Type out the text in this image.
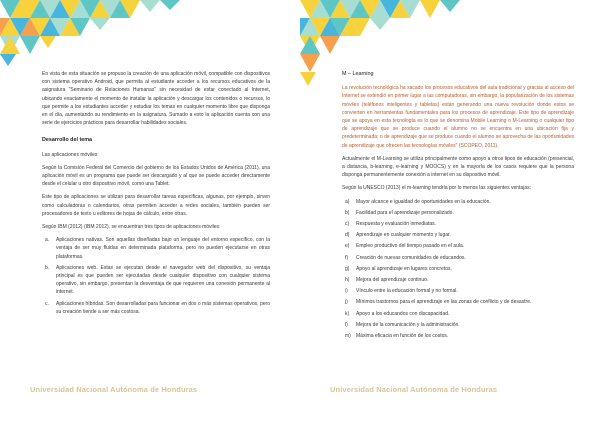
En vista de esta situación se propuso la creación de una aplicación móvil, compatible con dispositivos con sistema operativo Android, que permita al estudiante acceder a los recursos educativos de la asignatura "Seminario de Relaciones Humanas" sin necesidad de estar conectado al Internet, ubicando exactamente el momento de instalar la aplicación y descargar los contenidos o recursos, lo que permite a los estudiantes acceder y estudiar los temas en cualquier momento libre que disponga en el día, aumentando su rendimiento en la asignatura. Sumado a esto la aplicación cuenta con una serie de ejercicios prácticos para desarrollar habilidades sociales.

Desarrollo del tema

Las aplicaciones móviles:

Según la Comisión Federal del Comercio del gobierno de los Estados Unidos de América (2011), una aplicación móvil es un programa que puede ser descargado y al que se puede acceder directamente desde el celular u otro dispositivo móvil, como una Tablet.

Este tipo de aplicaciones se utilizan para desarrollar tareas específicas, algunas, por ejemplo, sirven como calculadoras o calendarios, otras permiten acceder a redes sociales, también pueden ser procesadores de texto u editores de hojas de cálculo, entre otras.

Según IBM (2012) (IBM 2012), se encuentran tres tipos de aplicaciones móviles:

a. Aplicaciones nativas. Son aquellas diseñadas bajo un lenguaje del entorno específico, con la ventaja de ser muy fluidas en determinada plataforma, pero no pueden ejecutarse en otras plataformas.
b. Aplicaciones web. Estas se ejecutan desde el navegador web del dispositivo, su ventaja principal es que pueden ser ejecutadas desde cualquier dispositivo con cualquier sistema operativo, sin embargo, presentan la desventaja de que requieren una conexión permanente al internet.
c. Aplicaciones híbridas. Son desarrolladas para funcionar en dos o más sistemas operativos, pero su creación tiende a ser más costosa.
Universidad Nacional Autónoma de Honduras

M – Learning

La revolución tecnológica ha sacado los procesos educativos del aula tradicional y gracias al acceso del Internet se extendió en primer lugar a las computadoras, sin embargo, la popularización de los sistemas móviles (teléfonos inteligentes y tabletas) están generando una nueva revolución donde estos se convierten en herramientas fundamentales para los procesos de aprendizaje. Este tipo de aprendizaje que se apoya en esta tecnología es lo que se denomina Mobile Learning o M-Learning o cualquier tipo de aprendizaje que se produce cuando el alumno no se encuentra en una ubicación fija y predeterminada; o de aprendizaje que se produce cuando el alumno se aprovecha de las oportunidades de aprendizaje que ofrecen las tecnologías móviles" (SCOPEO, 2011).

Actualmente el M-Learning se utiliza principalmente como apoyo a otros tipos de educación (presencial, a distancia, b-learning, e-learning y MOOCS) y en la mayoría de los casos requiere que la persona disponga permanentemente conexión a internet en su dispositivo móvil.

Según la UNESCO (2013) el m-learning tendría por lo menos las siguientes ventajas:

a) Mayor alcance e igualdad de oportunidades en la educación.
b) Facilidad para el aprendizaje personalizado.
c) Respuesta y evaluación inmediatas.
d) Aprendizaje en cualquier momento y lugar.
e) Empleo productivo del tiempo pasado en el aula.
f) Creación de nuevas comunidades de educandos.
g) Apoyo al aprendizaje en lugares concretos.
h) Mejora del aprendizaje continuo.
i) Vínculo entre la educación formal y no formal.
j) Mínimos trastornos para el aprendizaje en las zonas de conflicto y de desastre.
k) Apoyo a los educandos con discapacidad.
l) Mejora de la comunicación y la administración.
m) Máxima eficacia en función de los costos.
Universidad Nacional Autónoma de Honduras
